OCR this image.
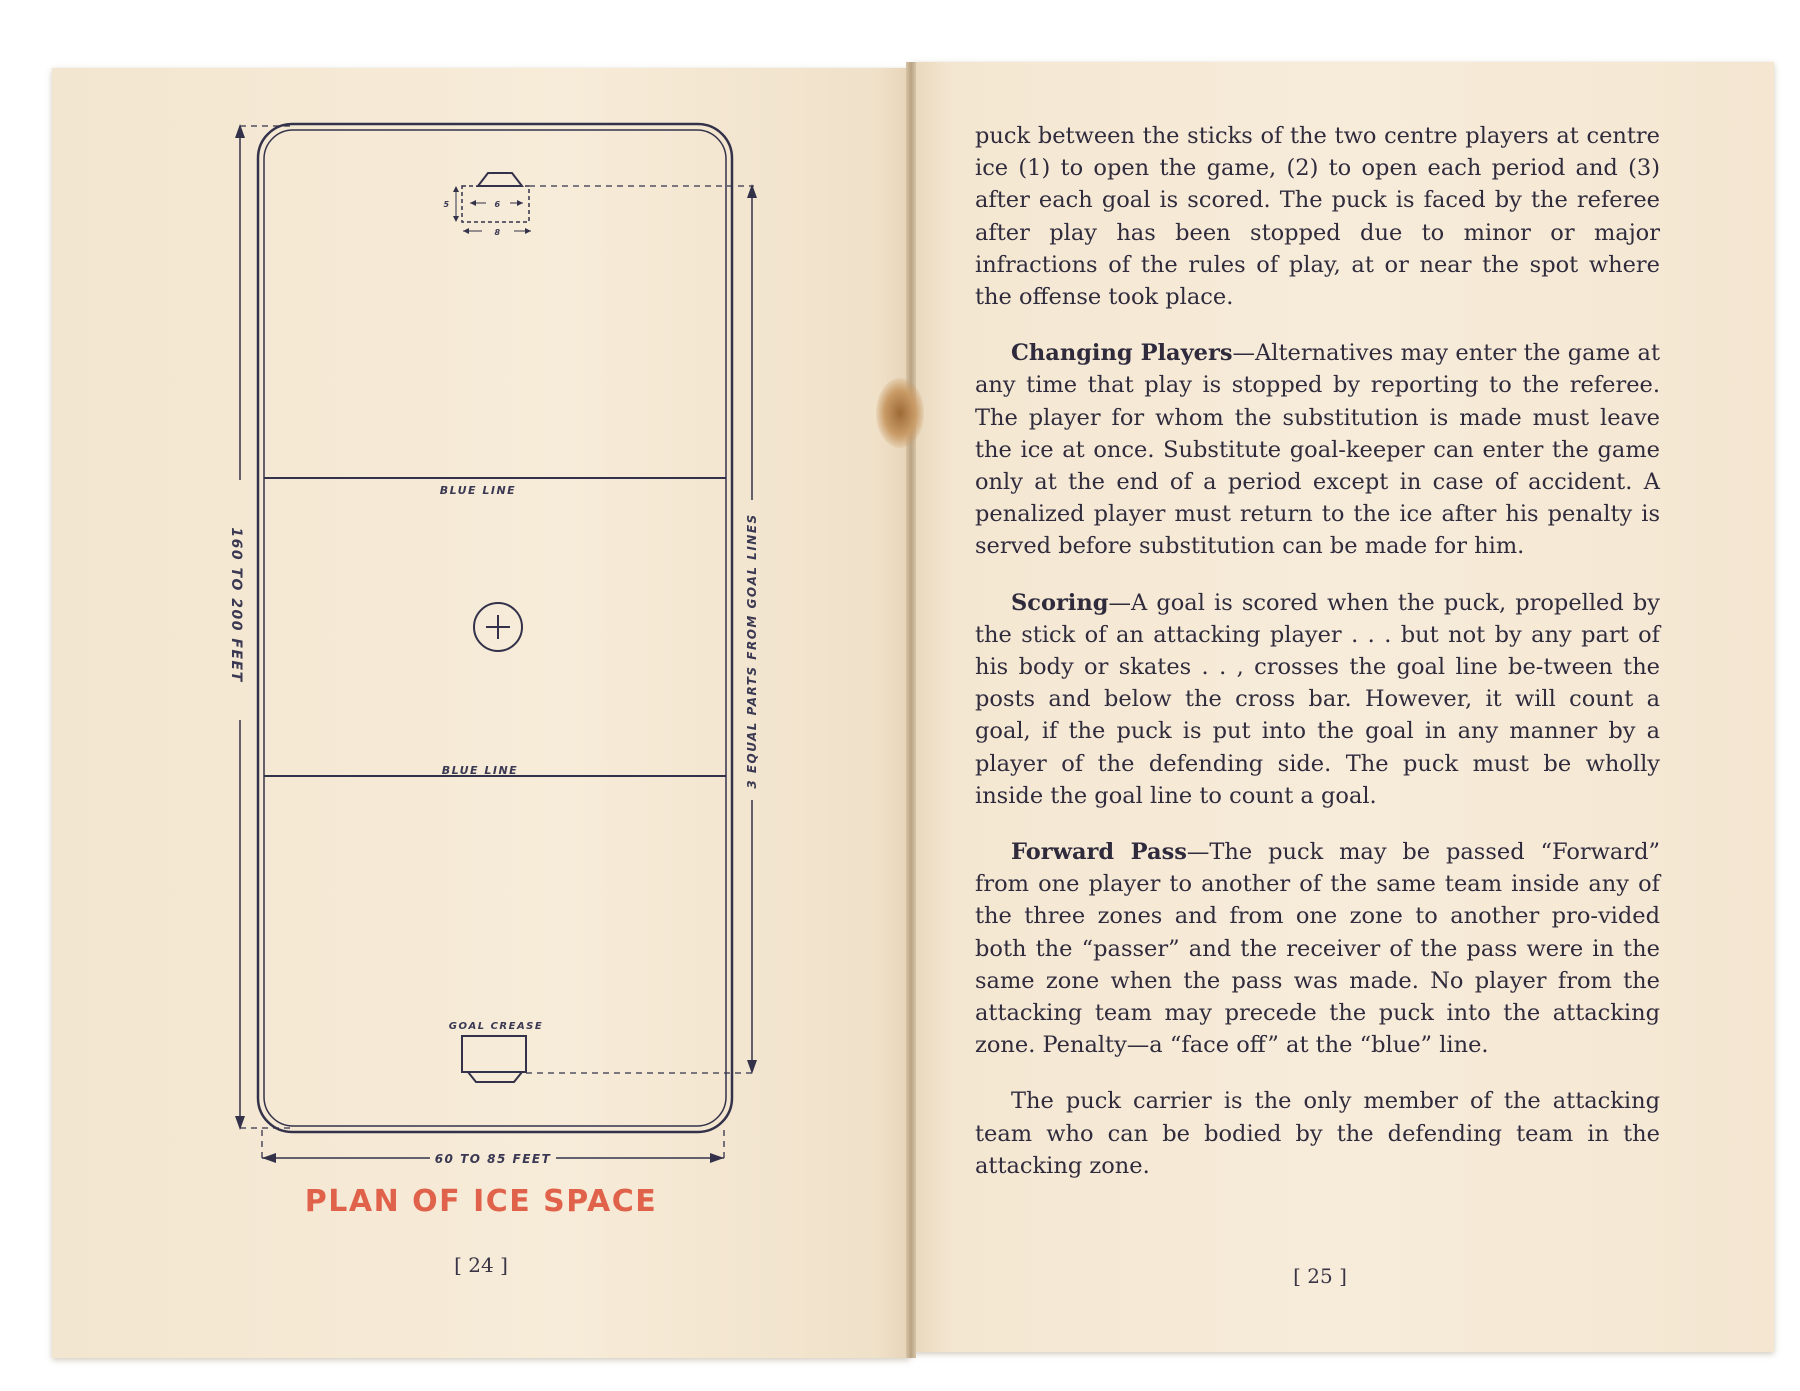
BLUE LINE
BLUE LINE
GOAL CREASE
6
8
5
60 TO 85 FEET
160 TO 200 FEET	3 EQUAL PARTS FROM GOAL LINES

PLAN OF ICE SPACE

[ 24 ]

puck between the sticks of the two centre players at centre ice (1) to open the game, (2) to open each period and (3) after each goal is scored. The puck is faced by the referee after play has been stopped due to minor or major infractions of the rules of play, at or near the spot where the offense took place.

Changing Players—Alternatives may enter the game at any time that play is stopped by reporting to the referee. The player for whom the substitution is made must leave the ice at once. Substitute goal-keeper can enter the game only at the end of a period except in case of accident. A penalized player must return to the ice after his penalty is served before substitution can be made for him.

Scoring—A goal is scored when the puck, propelled by the stick of an attacking player . . . but not by any part of his body or skates . . , crosses the goal line be-tween the posts and below the cross bar. However, it will count a goal, if the puck is put into the goal in any manner by a player of the defending side. The puck must be wholly inside the goal line to count a goal.

Forward Pass—The puck may be passed “Forward” from one player to another of the same team inside any of the three zones and from one zone to another pro-vided both the “passer” and the receiver of the pass were in the same zone when the pass was made. No player from the attacking team may precede the puck into the attacking zone. Penalty—a “face off” at the “blue” line.

The puck carrier is the only member of the attacking team who can be bodied by the defending team in the attacking zone.

[ 25 ]
